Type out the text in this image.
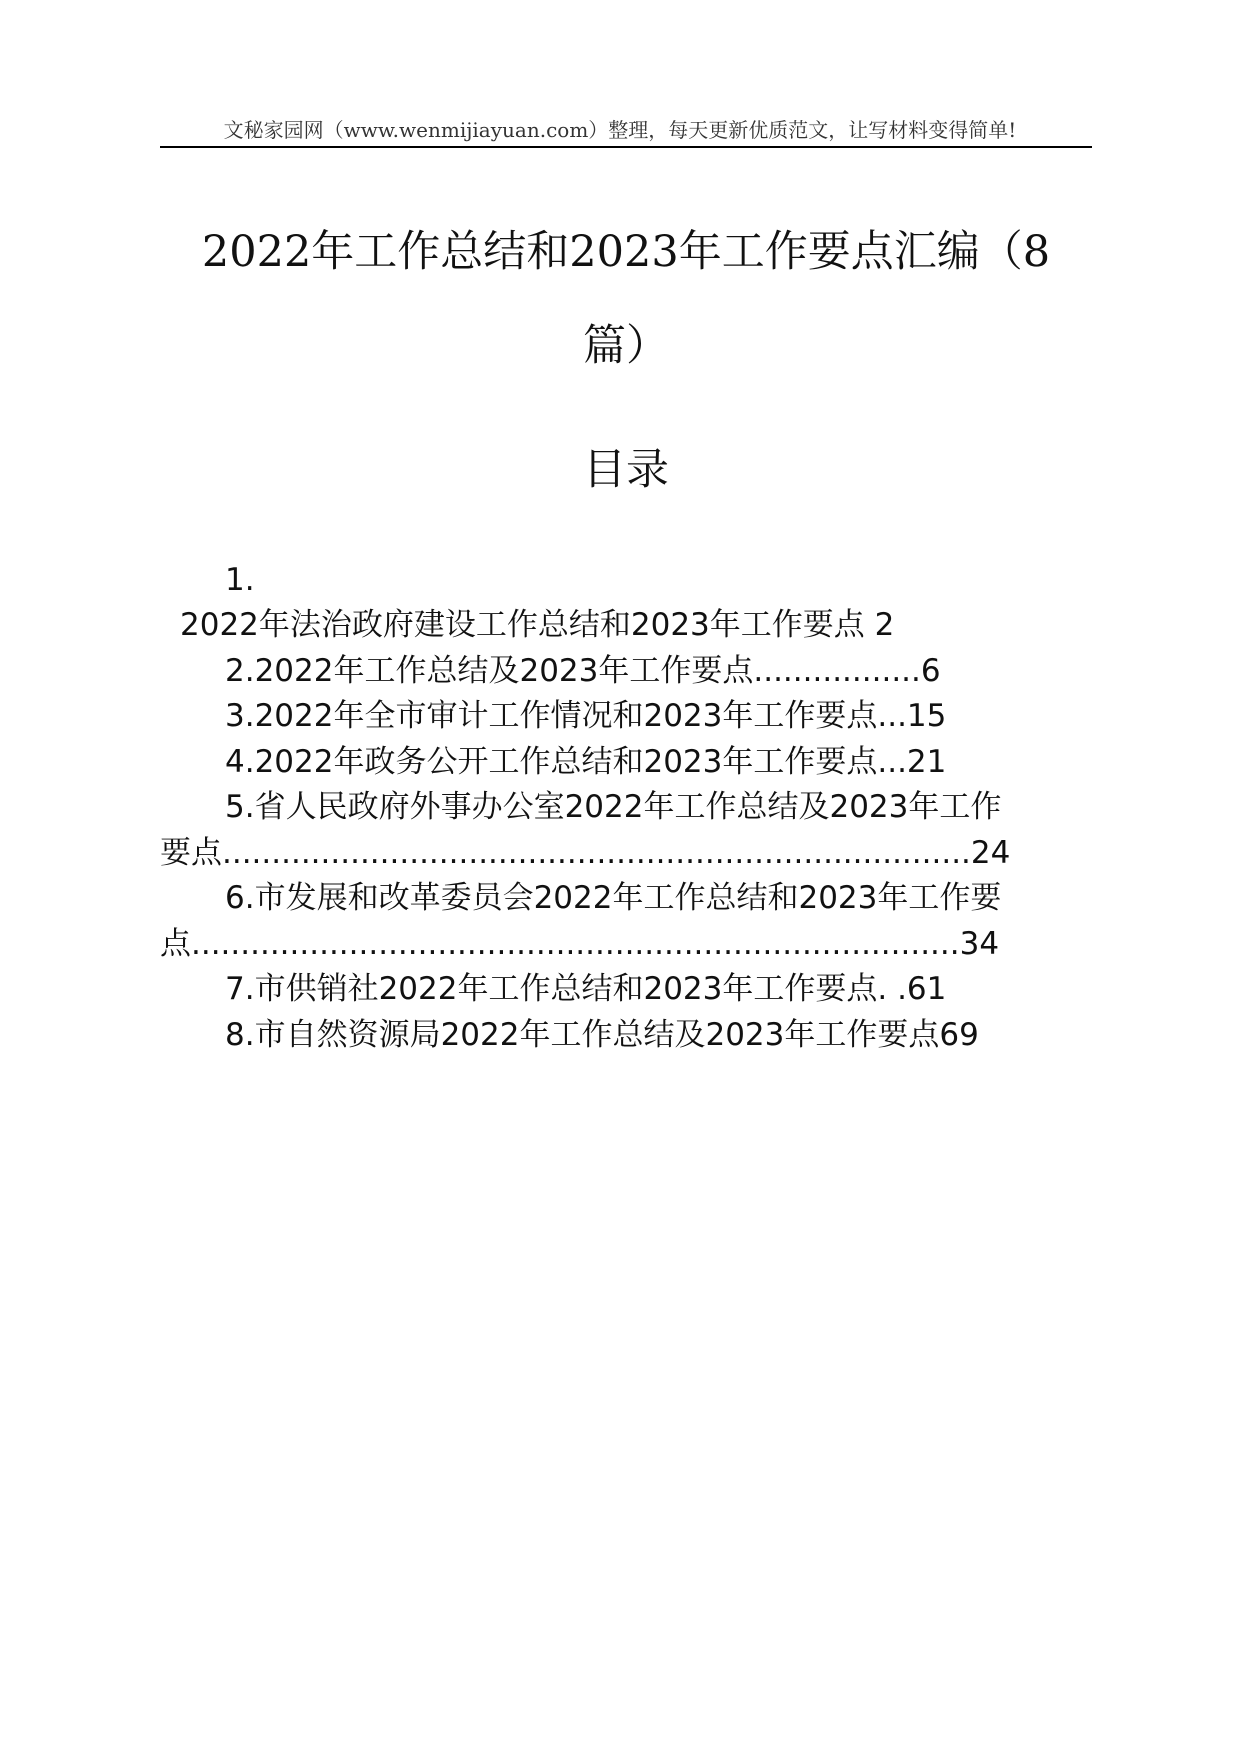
文秘家园网（www.wenmijiayuan.com）整理，每天更新优质范文，让写材料变得简单!
2022年工作总结和2023年工作要点汇编（8
篇）
目录
1.
2022年法治政府建设工作总结和2023年工作要点 2
2.2022年工作总结及2023年工作要点.................6
3.2022年全市审计工作情况和2023年工作要点...15
4.2022年政务公开工作总结和2023年工作要点...21
5.省人民政府外事办公室2022年工作总结及2023年工作
要点............................................................................24
6.市发展和改革委员会2022年工作总结和2023年工作要
点..............................................................................34
7.市供销社2022年工作总结和2023年工作要点. .61
8.市自然资源局2022年工作总结及2023年工作要点69
